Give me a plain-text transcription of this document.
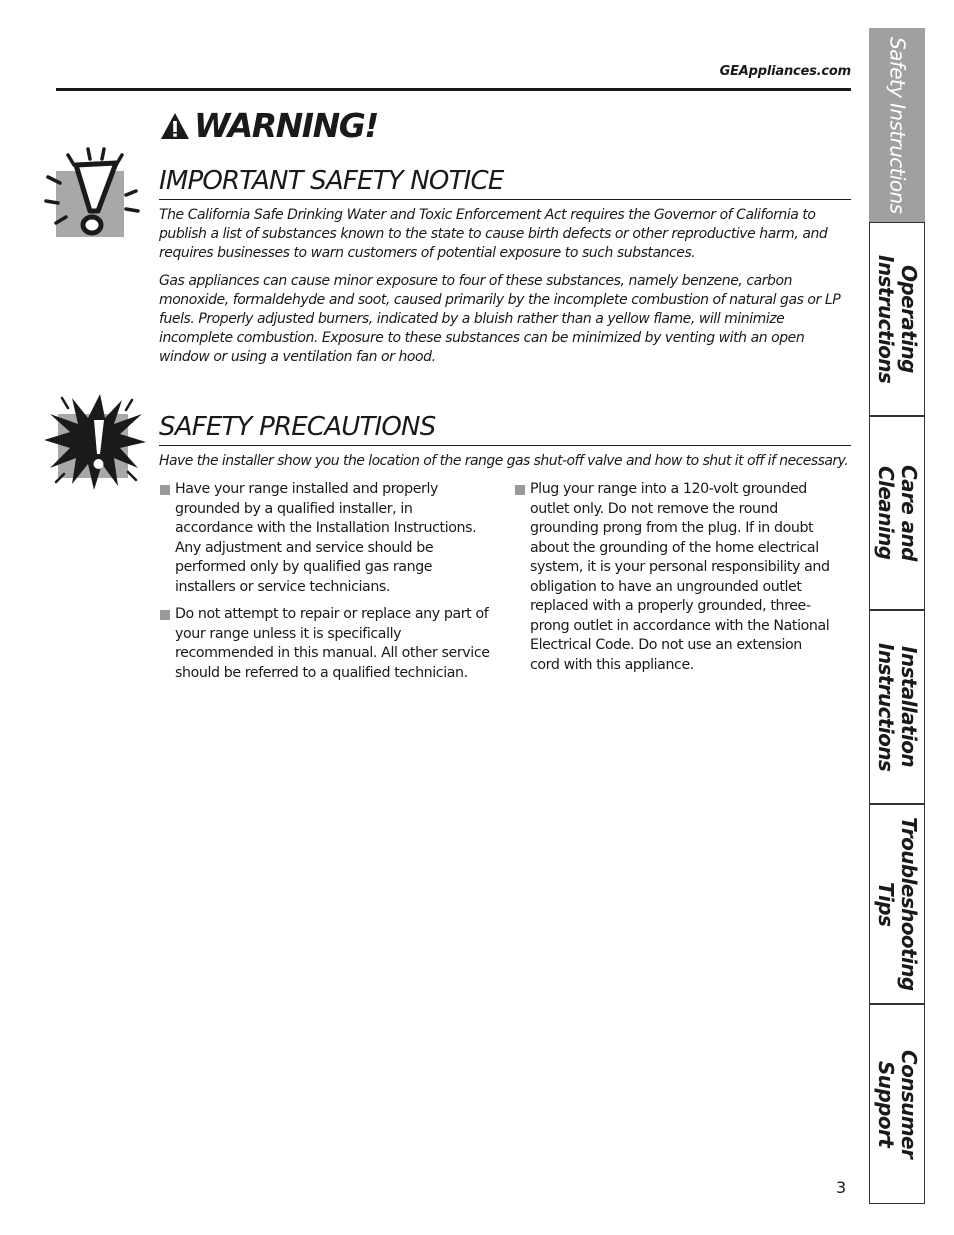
GEAppliances.com
WARNING!
IMPORTANT SAFETY NOTICE

The California Safe Drinking Water and Toxic Enforcement Act requires the Governor of California to publish a list of substances known to the state to cause birth defects or other reproductive harm, and requires businesses to warn customers of potential exposure to such substances.

Gas appliances can cause minor exposure to four of these substances, namely benzene, carbon monoxide, formaldehyde and soot, caused primarily by the incomplete combustion of natural gas or LP fuels. Properly adjusted burners, indicated by a bluish rather than a yellow flame, will minimize incomplete combustion. Exposure to these substances can be minimized by venting with an open window or using a ventilation fan or hood.

SAFETY PRECAUTIONS

Have the installer show you the location of the range gas shut-off valve and how to shut it off if necessary.

Have your range installed and properly grounded by a qualified installer, in accordance with the Installation Instructions. Any adjustment and service should be performed only by qualified gas range installers or service technicians.
Do not attempt to repair or replace any part of your range unless it is specifically recommended in this manual. All other service should be referred to a qualified technician.
Plug your range into a 120-volt grounded outlet only. Do not remove the round grounding prong from the plug. If in doubt about the grounding of the home electrical system, it is your personal responsibility and obligation to have an ungrounded outlet replaced with a properly grounded, three-prong outlet in accordance with the National Electrical Code. Do not use an extension cord with this appliance.
Safety Instructions
Operating
Instructions
Care and Cleaning
Installation
Instructions
Troubleshooting
Tips
Consumer Support
3
